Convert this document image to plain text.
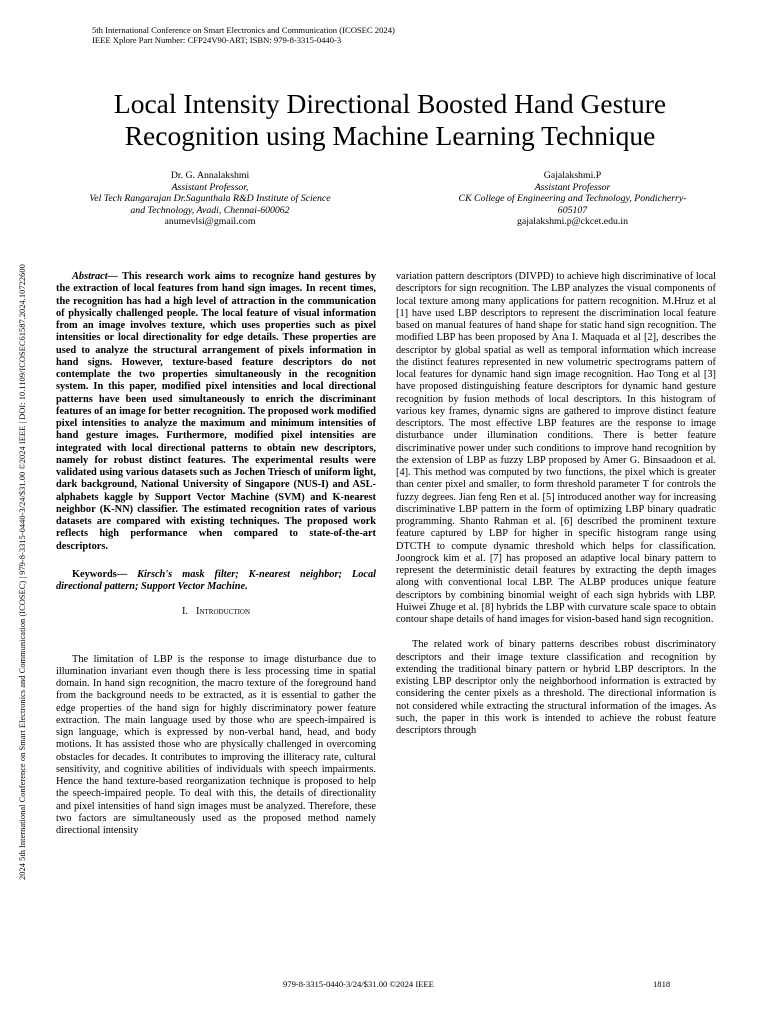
2024 5th International Conference on Smart Electronics and Communication (ICOSEC) | 979-8-3315-0440-3/24/$31.00 ©2024 IEEE | DOI: 10.1109/ICOSEC61587.2024.10722600
5th International Conference on Smart Electronics and Communication (ICOSEC 2024)
IEEE Xplore Part Number: CFP24V90-ART; ISBN: 979-8-3315-0440-3
Local Intensity Directional Boosted Hand Gesture
Recognition using Machine Learning Technique
Dr. G. Annalakshmi
Assistant Professor,
Vel Tech Rangarajan Dr.Sagunthala R&D Institute of Science
and Technology, Avadi, Chennai-600062
anumevlsi@gmail.com
Gajalakshmi.P
Assistant Professor
CK College of Engineering and Technology, Pondicherry-
605107
gajalakshmi.p@ckcet.edu.in

Abstract— This research work aims to recognize hand gestures by the extraction of local features from hand sign images. In recent times, the recognition has had a high level of attraction in the communication of physically challenged people. The local feature of visual information from an image involves texture, which uses properties such as pixel intensities or local directionality for edge details. These properties are used to analyze the structural arrangement of pixels information in hand signs. However, texture-based feature descriptors do not contemplate the two properties simultaneously in the recognition system. In this paper, modified pixel intensities and local directional patterns have been used simultaneously to enrich the discriminant features of an image for better recognition. The proposed work modified pixel intensities to analyze the maximum and minimum intensities of hand gesture images. Furthermore, modified pixel intensities are integrated with local directional patterns to obtain new descriptors, namely for robust distinct features. The experimental results were validated using various datasets such as Jochen Triesch of uniform light, dark background, National University of Singapore (NUS-I) and ASL-alphabets kaggle by Support Vector Machine (SVM) and K-nearest neighbor (K-NN) classifier. The estimated recognition rates of various datasets are compared with existing techniques. The proposed work reflects high performance when compared to state-of-the-art descriptors.

Keywords— Kirsch's mask filter; K-nearest neighbor; Local directional pattern; Support Vector Machine.

I. Introduction

The limitation of LBP is the response to image disturbance due to illumination invariant even though there is less processing time in spatial domain. In hand sign recognition, the macro texture of the foreground hand from the background needs to be extracted, as it is essential to gather the edge properties of the hand sign for highly discriminatory power feature extraction. The main language used by those who are speech-impaired is sign language, which is expressed by non-verbal hand, head, and body motions. It has assisted those who are physically challenged in overcoming obstacles for decades. It contributes to improving the illiteracy rate, cultural sensitivity, and cognitive abilities of individuals with speech impairments. Hence the hand texture-based reorganization technique is proposed to help the speech-impaired people. To deal with this, the details of directionality and pixel intensities of hand sign images must be analyzed. Therefore, these two factors are simultaneously used as the proposed method namely directional intensity

variation pattern descriptors (DIVPD) to achieve high discriminative of local descriptors for sign recognition. The LBP analyzes the visual components of local texture among many applications for pattern recognition. M.Hruz et al [1] have used LBP descriptors to represent the discrimination local feature based on manual features of hand shape for static hand sign recognition. The modified LBP has been proposed by Ana I. Maquada et al [2], describes the descriptor by global spatial as well as temporal information which increase the distinct features represented in new volumetric spectrograms pattern of local features for dynamic hand sign image recognition. Hao Tong et al [3] have proposed distinguishing feature descriptors for dynamic hand gesture recognition by fusion methods of local descriptors. In this histogram of various key frames, dynamic signs are gathered to improve distinct feature descriptors. The most effective LBP features are the response to image disturbance under illumination conditions. There is better feature discriminative power under such conditions to improve hand recognition by the extension of LBP as fuzzy LBP proposed by Amer G. Binsaadoon et al. [4]. This method was computed by two functions, the pixel which is greater than center pixel and smaller, to form threshold parameter T for controls the fuzzy degrees. Jian feng Ren et al. [5] introduced another way for increasing discriminative LBP pattern in the form of optimizing LBP binary quadratic programming. Shanto Rahman et al. [6] described the prominent texture feature captured by LBP for higher in specific histogram range using DTCTH to compute dynamic threshold which helps for classification. Joongrock kim et al. [7] has proposed an adaptive local binary pattern to represent the deterministic detail features by extracting the depth images along with conventional local LBP. The ALBP produces unique feature descriptors by combining binomial weight of each sign hybrids with LBP. Huiwei Zhuge et al. [8] hybrids the LBP with curvature scale space to obtain contour shape details of hand images for vision-based hand sign recognition.

The related work of binary patterns describes robust discriminatory descriptors and their image texture classification and recognition by extending the traditional binary pattern or hybrid LBP descriptors. In the existing LBP descriptor only the neighborhood information is extracted by considering the center pixels as a threshold. The directional information is not considered while extracting the structural information of the images. As such, the paper in this work is intended to achieve the robust feature descriptors through

979-8-3315-0440-3/24/$31.00 ©2024 IEEE	1818
